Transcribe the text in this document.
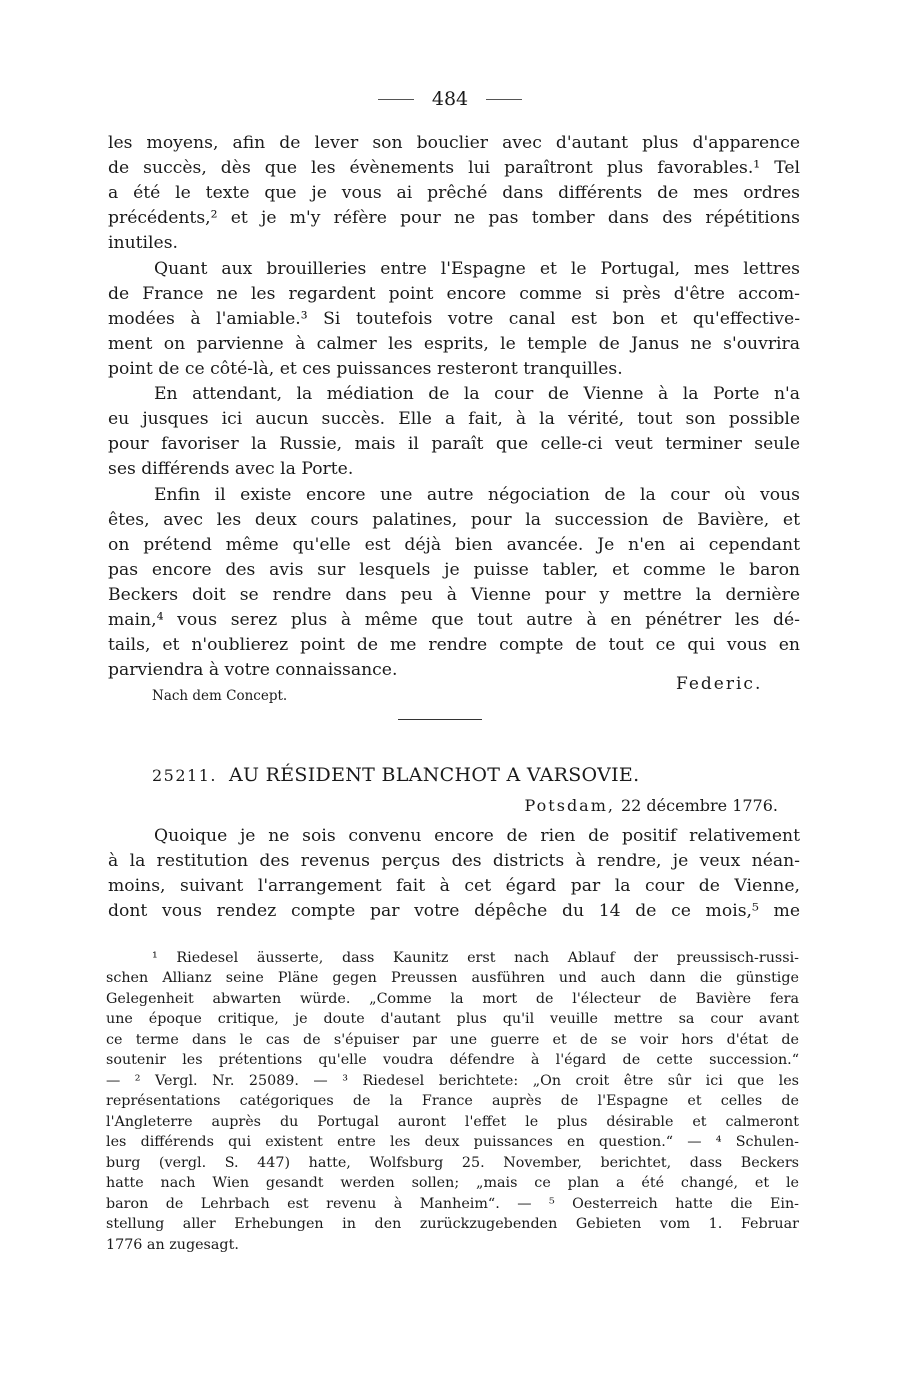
484
les moyens, afin de lever son bouclier avec d'autant plus d'apparence
de succès, dès que les évènements lui paraîtront plus favorables.¹ Tel
a été le texte que je vous ai prêché dans différents de mes ordres
précédents,² et je m'y réfère pour ne pas tomber dans des répétitions
inutiles.
Quant aux brouilleries entre l'Espagne et le Portugal, mes lettres
de France ne les regardent point encore comme si près d'être accom-
modées à l'amiable.³ Si toutefois votre canal est bon et qu'effective-
ment on parvienne à calmer les esprits, le temple de Janus ne s'ouvrira
point de ce côté-là, et ces puissances resteront tranquilles.
En attendant, la médiation de la cour de Vienne à la Porte n'a
eu jusques ici aucun succès. Elle a fait, à la vérité, tout son possible
pour favoriser la Russie, mais il paraît que celle-ci veut terminer seule
ses différends avec la Porte.
Enfin il existe encore une autre négociation de la cour où vous
êtes, avec les deux cours palatines, pour la succession de Bavière, et
on prétend même qu'elle est déjà bien avancée. Je n'en ai cependant
pas encore des avis sur lesquels je puisse tabler, et comme le baron
Beckers doit se rendre dans peu à Vienne pour y mettre la dernière
main,⁴ vous serez plus à même que tout autre à en pénétrer les dé-
tails, et n'oublierez point de me rendre compte de tout ce qui vous en
parviendra à votre connaissance.
Federic.
Nach dem Concept.
25211. AU RÉSIDENT BLANCHOT A VARSOVIE.
Potsdam, 22 décembre 1776.
Quoique je ne sois convenu encore de rien de positif relativement
à la restitution des revenus perçus des districts à rendre, je veux néan-
moins, suivant l'arrangement fait à cet égard par la cour de Vienne,
dont vous rendez compte par votre dépêche du 14 de ce mois,⁵ me
¹ Riedesel äusserte, dass Kaunitz erst nach Ablauf der preussisch-russi-
schen Allianz seine Pläne gegen Preussen ausführen und auch dann die günstige
Gelegenheit abwarten würde. „Comme la mort de l'électeur de Bavière fera
une époque critique, je doute d'autant plus qu'il veuille mettre sa cour avant
ce terme dans le cas de s'épuiser par une guerre et de se voir hors d'état de
soutenir les prétentions qu'elle voudra défendre à l'égard de cette succession.“
— ² Vergl. Nr. 25089. — ³ Riedesel berichtete: „On croit être sûr ici que les
représentations catégoriques de la France auprès de l'Espagne et celles de
l'Angleterre auprès du Portugal auront l'effet le plus désirable et calmeront
les différends qui existent entre les deux puissances en question.“ — ⁴ Schulen-
burg (vergl. S. 447) hatte, Wolfsburg 25. November, berichtet, dass Beckers
hatte nach Wien gesandt werden sollen; „mais ce plan a été changé, et le
baron de Lehrbach est revenu à Manheim“. — ⁵ Oesterreich hatte die Ein-
stellung aller Erhebungen in den zurückzugebenden Gebieten vom 1. Februar
1776 an zugesagt.
